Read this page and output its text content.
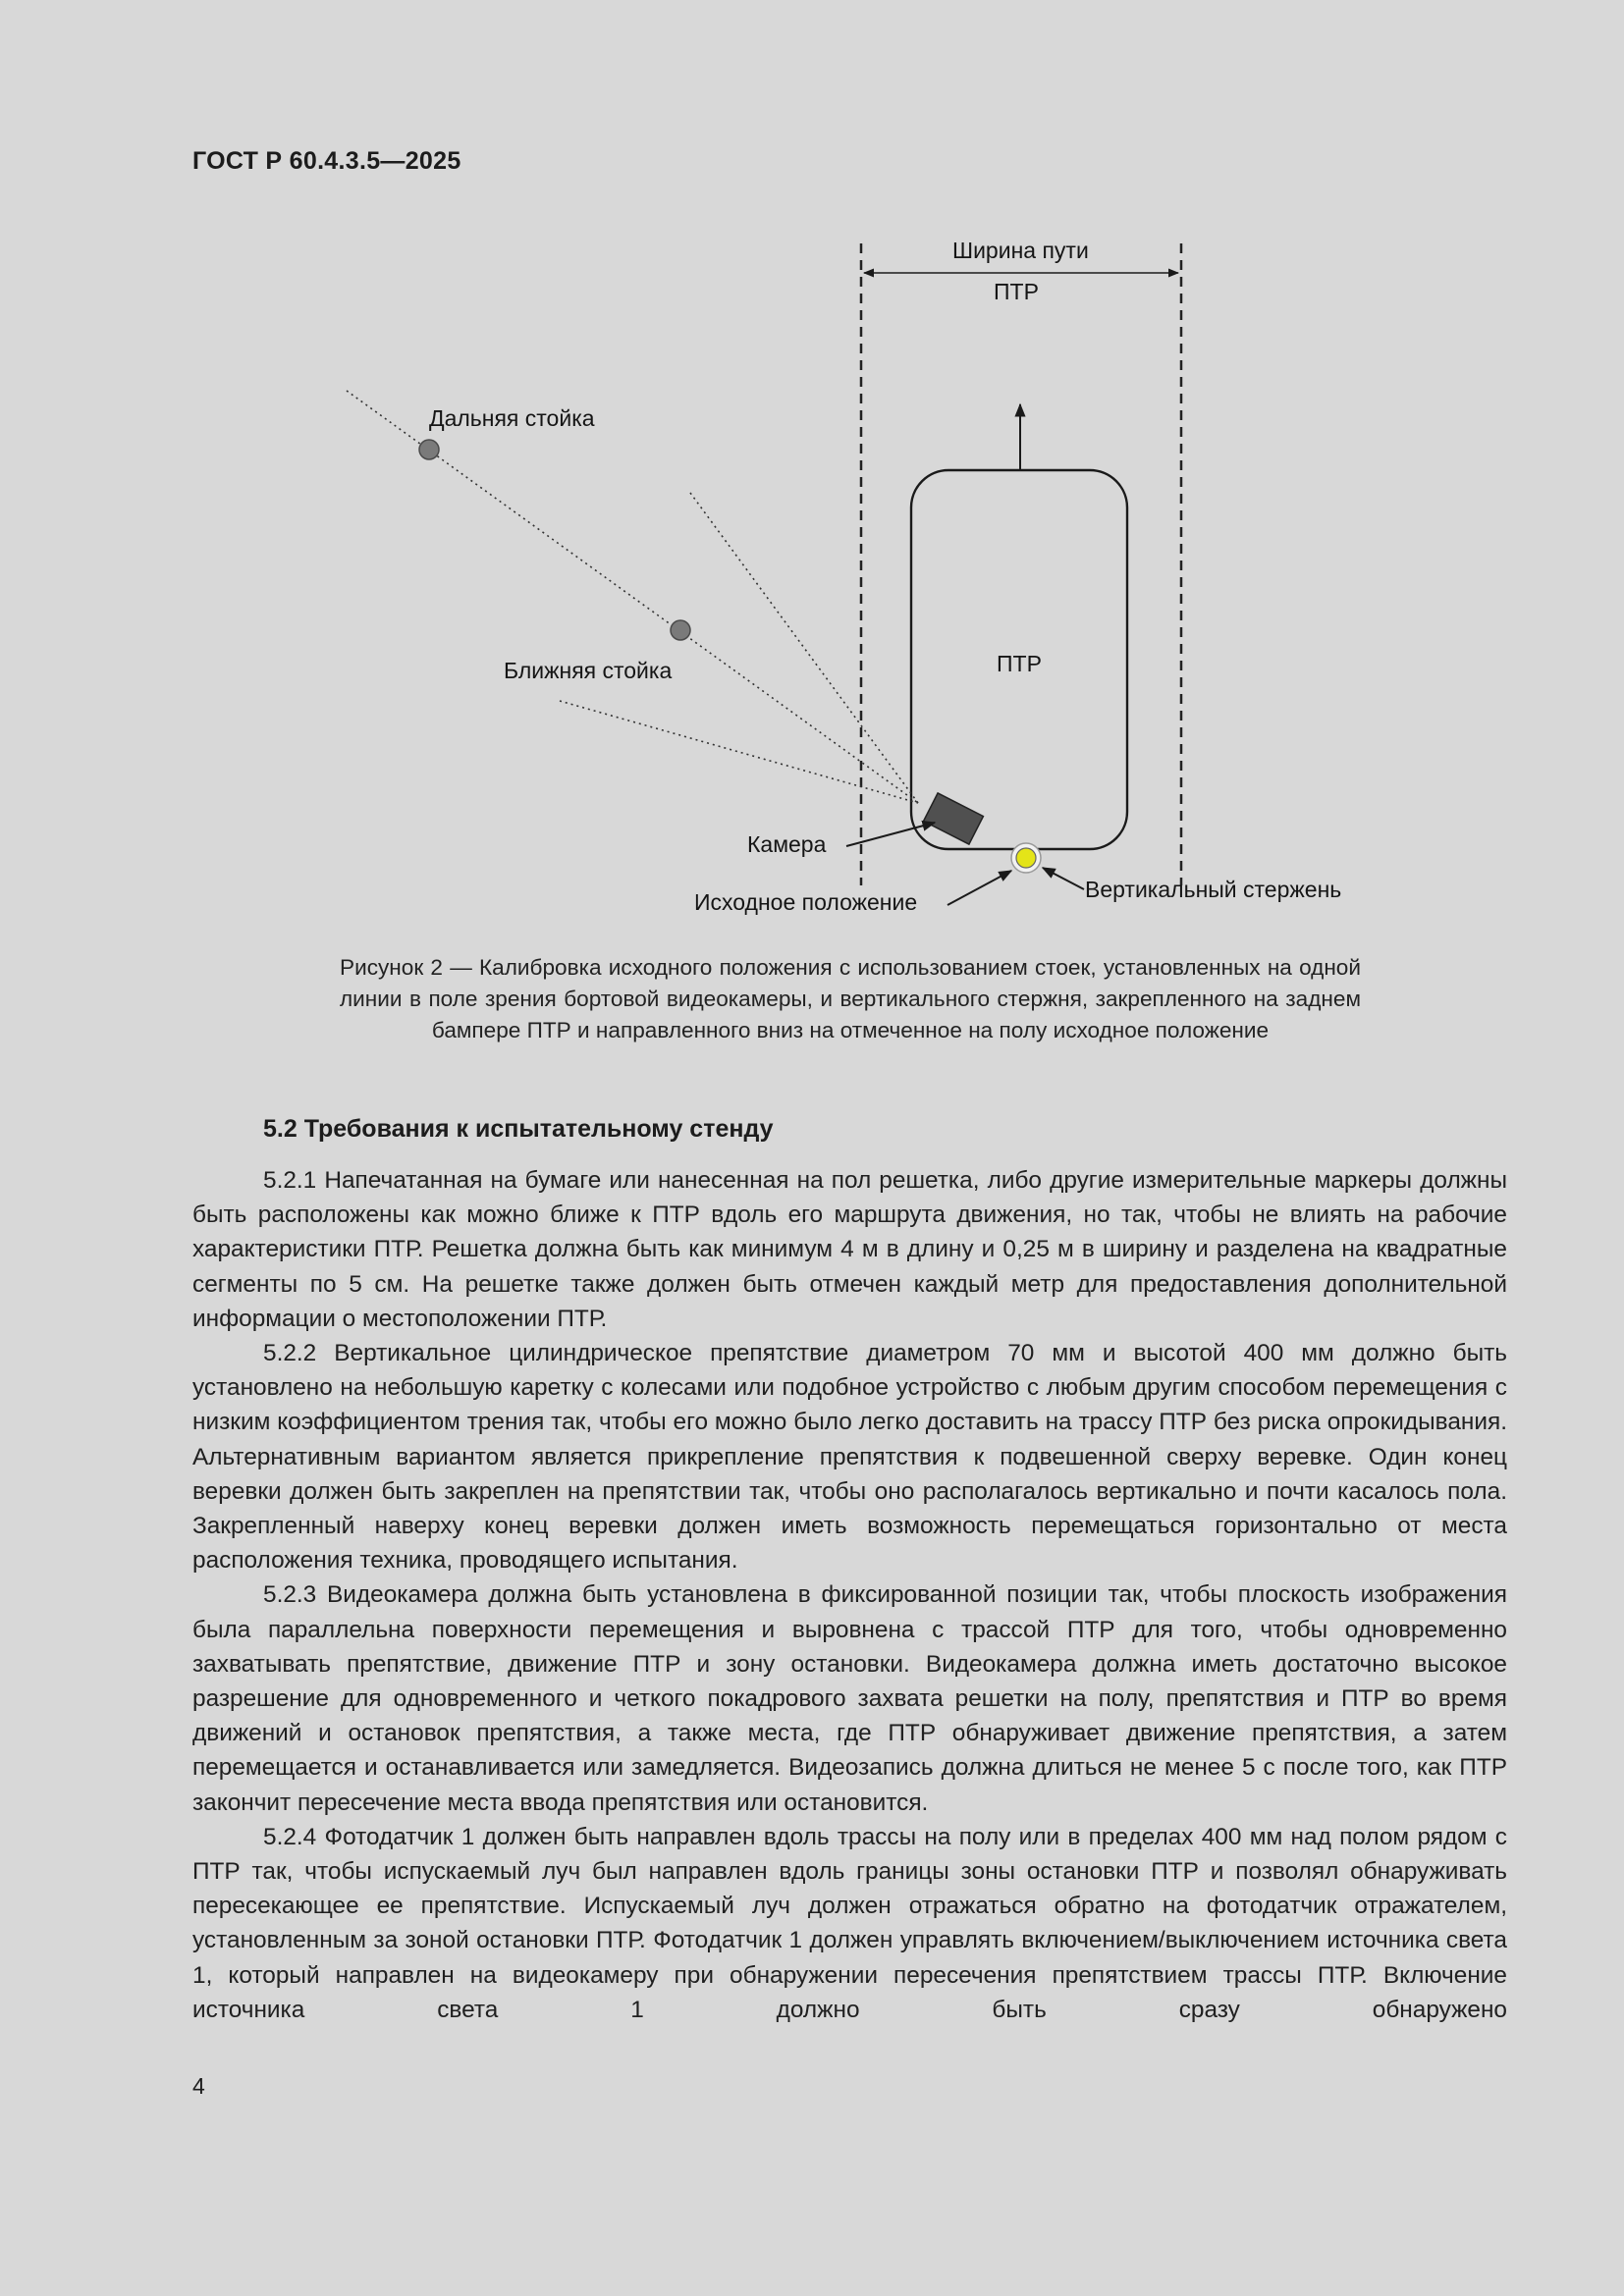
ГОСТ Р 60.4.3.5—2025
Ширина пути
ПТР
Дальняя стойка
Ближняя стойка	ПТР
Камера
Исходное положение	Вертикальный стержень
Рисунок 2 — Калибровка исходного положения с использованием стоек, установленных на одной линии в поле зрения бортовой видеокамеры, и вертикального стержня, закрепленного на заднем бампере ПТР и направленного вниз на отмеченное на полу исходное положение
5.2 Требования к испытательному стенду

5.2.1 Напечатанная на бумаге или нанесенная на пол решетка, либо другие измерительные маркеры должны быть расположены как можно ближе к ПТР вдоль его маршрута движения, но так, чтобы не влиять на рабочие характеристики ПТР. Решетка должна быть как минимум 4 м в длину и 0,25 м в ширину и разделена на квадратные сегменты по 5 см. На решетке также должен быть отмечен каждый метр для предоставления дополнительной информации о местоположении ПТР.

5.2.2 Вертикальное цилиндрическое препятствие диаметром 70 мм и высотой 400 мм должно быть установлено на небольшую каретку с колесами или подобное устройство с любым другим способом перемещения с низким коэффициентом трения так, чтобы его можно было легко доставить на трассу ПТР без риска опрокидывания. Альтернативным вариантом является прикрепление препятствия к подвешенной сверху веревке. Один конец веревки должен быть закреплен на препятствии так, чтобы оно располагалось вертикально и почти касалось пола. Закрепленный наверху конец веревки должен иметь возможность перемещаться горизонтально от места расположения техника, проводящего испытания.

5.2.3 Видеокамера должна быть установлена в фиксированной позиции так, чтобы плоскость изображения была параллельна поверхности перемещения и выровнена с трассой ПТР для того, чтобы одновременно захватывать препятствие, движение ПТР и зону остановки. Видеокамера должна иметь достаточно высокое разрешение для одновременного и четкого покадрового захвата решетки на полу, препятствия и ПТР во время движений и остановок препятствия, а также места, где ПТР обнаруживает движение препятствия, а затем перемещается и останавливается или замедляется. Видеозапись должна длиться не менее 5 с после того, как ПТР закончит пересечение места ввода препятствия или остановится.

5.2.4 Фотодатчик 1 должен быть направлен вдоль трассы на полу или в пределах 400 мм над полом рядом с ПТР так, чтобы испускаемый луч был направлен вдоль границы зоны остановки ПТР и позволял обнаруживать пересекающее ее препятствие. Испускаемый луч должен отражаться обратно на фотодатчик отражателем, установленным за зоной остановки ПТР. Фотодатчик 1 должен управлять включением/выключением источника света 1, который направлен на видеокамеру при обнаружении пересечения препятствием трассы ПТР. Включение источника света 1 должно быть сразу обнаружено

4
